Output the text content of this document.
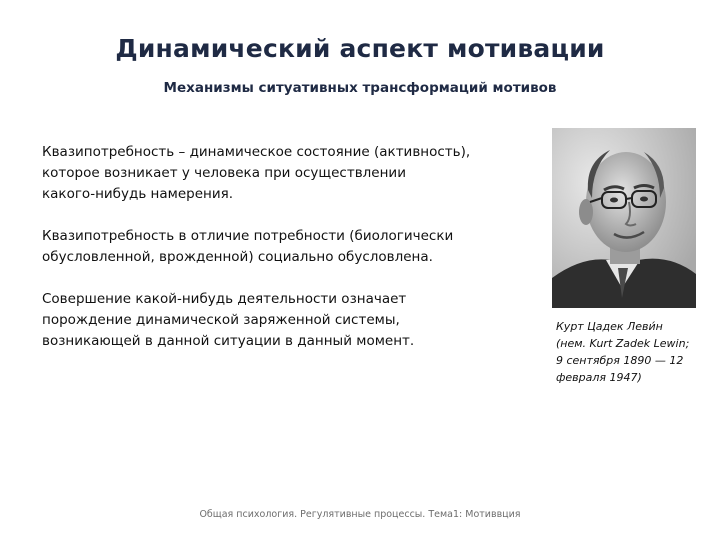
Динамический аспект мотивации
Механизмы ситуативных трансформаций мотивов

Квазипотребность – динамическое состояние (активность),
которое возникает у человека при осуществлении
какого-нибудь намерения.

Квазипотребность в отличие потребности (биологически
обусловленной, врожденной) социально обусловлена.

Совершение какой-нибудь деятельности означает
порождение динамической заряженной системы,
возникающей в данной ситуации в данный момент.

Курт Цадек Леви́н (нем. Kurt Zadek Lewin; 9 сентября 1890 — 12 февраля 1947)
Общая психология. Регулятивные процессы. Тема1: Мотиввция
